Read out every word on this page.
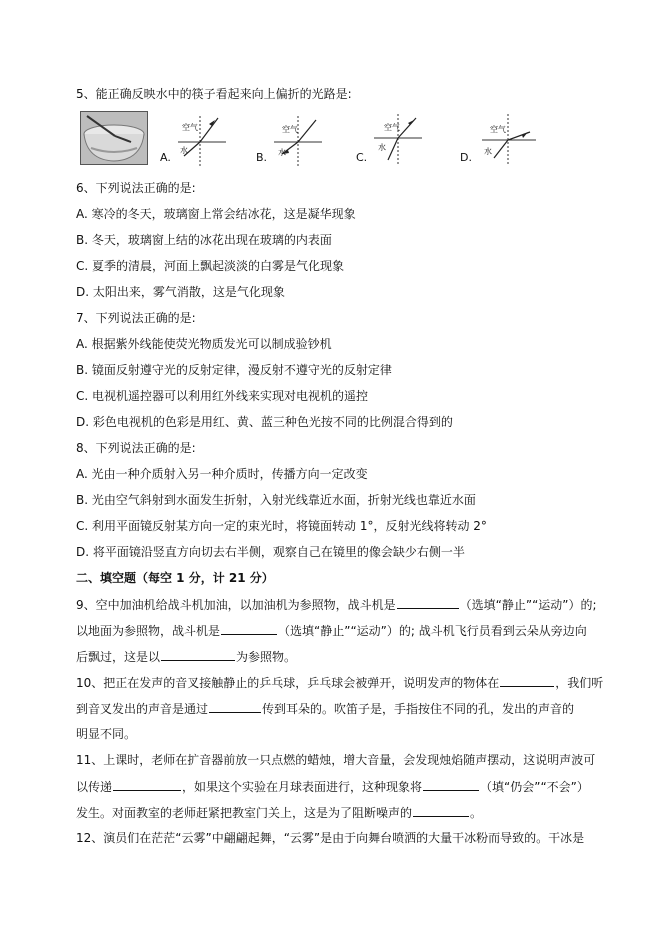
5、能正确反映水中的筷子看起来向上偏折的光路是:
A.
空气
水
B.
空气
水	C.
空气
水
D.
空气
水
6、下列说法正确的是:
A. 寒冷的冬天，玻璃窗上常会结冰花，这是凝华现象
B. 冬天，玻璃窗上结的冰花出现在玻璃的内表面
C. 夏季的清晨，河面上飘起淡淡的白雾是气化现象
D. 太阳出来，雾气消散，这是气化现象
7、下列说法正确的是:
A. 根据紫外线能使荧光物质发光可以制成验钞机
B. 镜面反射遵守光的反射定律，漫反射不遵守光的反射定律
C. 电视机遥控器可以利用红外线来实现对电视机的遥控
D. 彩色电视机的色彩是用红、黄、蓝三种色光按不同的比例混合得到的
8、下列说法正确的是:
A. 光由一种介质射入另一种介质时，传播方向一定改变
B. 光由空气斜射到水面发生折射，入射光线靠近水面，折射光线也靠近水面
C. 利用平面镜反射某方向一定的束光时，将镜面转动 1°，反射光线将转动 2°
D. 将平面镜沿竖直方向切去右半侧，观察自己在镜里的像会缺少右侧一半
二、填空题（每空 1 分，计 21 分）
9、空中加油机给战斗机加油，以加油机为参照物，战斗机是	（选填“静止”“运动”）的;
以地面为参照物，战斗机是	（选填“静止”“运动”）的; 战斗机飞行员看到云朵从旁边向
后飘过，这是以	为参照物。
10、把正在发声的音叉接触静止的乒乓球，乒乓球会被弹开，说明发声的物体在	，我们听
到音叉发出的声音是通过	传到耳朵的。吹笛子是，手指按住不同的孔，发出的声音的
明显不同。
11、上课时，老师在扩音器前放一只点燃的蜡烛，增大音量，会发现烛焰随声摆动，这说明声波可
以传递	，如果这个实验在月球表面进行，这种现象将	（填“仍会”“不会”）
发生。对面教室的老师赶紧把教室门关上，这是为了阻断噪声的	。
12、演员们在茫茫“云雾”中翩翩起舞，“云雾”是由于向舞台喷洒的大量干冰粉而导致的。干冰是
